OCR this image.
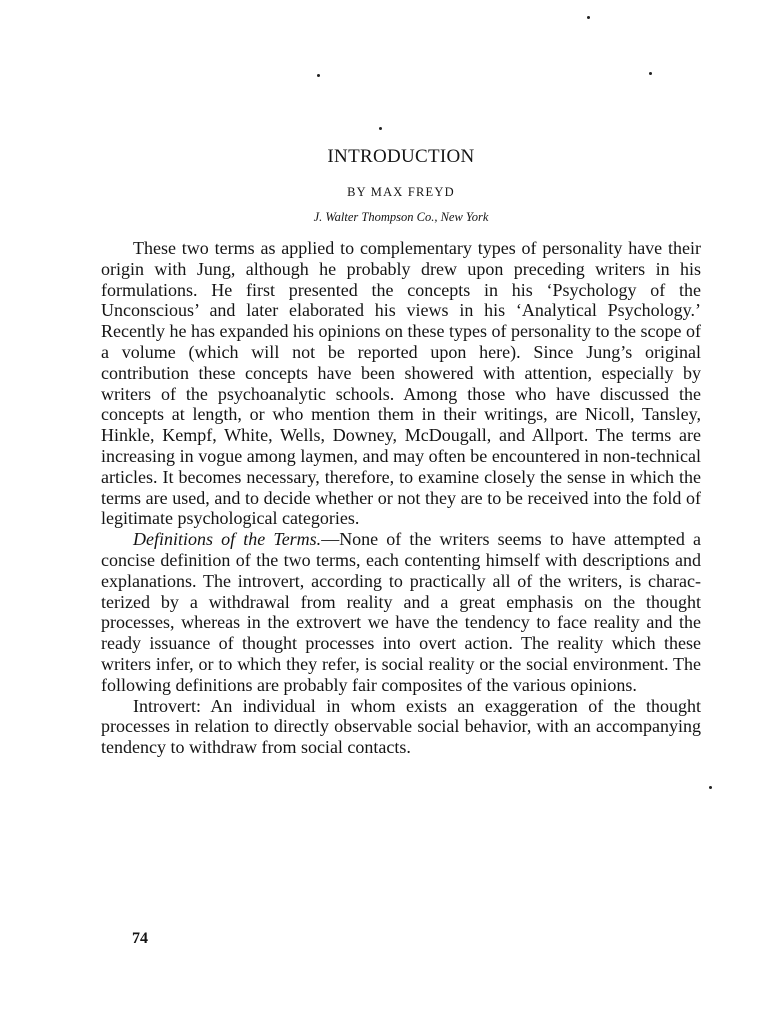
INTRODUCTION
BY MAX FREYD
J. Walter Thompson Co., New York

These two terms as applied to complementary types of personality have their origin with Jung, although he probably drew upon preceding writers in his formulations. He first presented the concepts in his ‘Psychology of the Unconscious’ and later elaborated his views in his ‘Analytical Psychology.’ Recently he has expanded his opinions on these types of personality to the scope of a volume (which will not be reported upon here). Since Jung’s original contribution these concepts have been showered with attention, especially by writers of the psychoanalytic schools. Among those who have discussed the concepts at length, or who mention them in their writings, are Nicoll, Tansley, Hinkle, Kempf, White, Wells, Downey, McDougall, and Allport. The terms are increasing in vogue among laymen, and may often be encountered in non-technical articles. It becomes necessary, therefore, to examine closely the sense in which the terms are used, and to decide whether or not they are to be received into the fold of legitimate psychological categories.

Definitions of the Terms.—None of the writers seems to have attempted a concise definition of the two terms, each contenting himself with descriptions and explanations. The introvert, according to practically all of the writers, is characterized by a withdrawal from reality and a great emphasis on the thought processes, whereas in the extrovert we have the tendency to face reality and the ready issuance of thought processes into overt action. The reality which these writers infer, or to which they refer, is social reality or the social environment. The following definitions are probably fair composites of the various opinions.

Introvert: An individual in whom exists an exaggeration of the thought processes in relation to directly observable social behavior, with an accompanying tendency to withdraw from social contacts.

74
